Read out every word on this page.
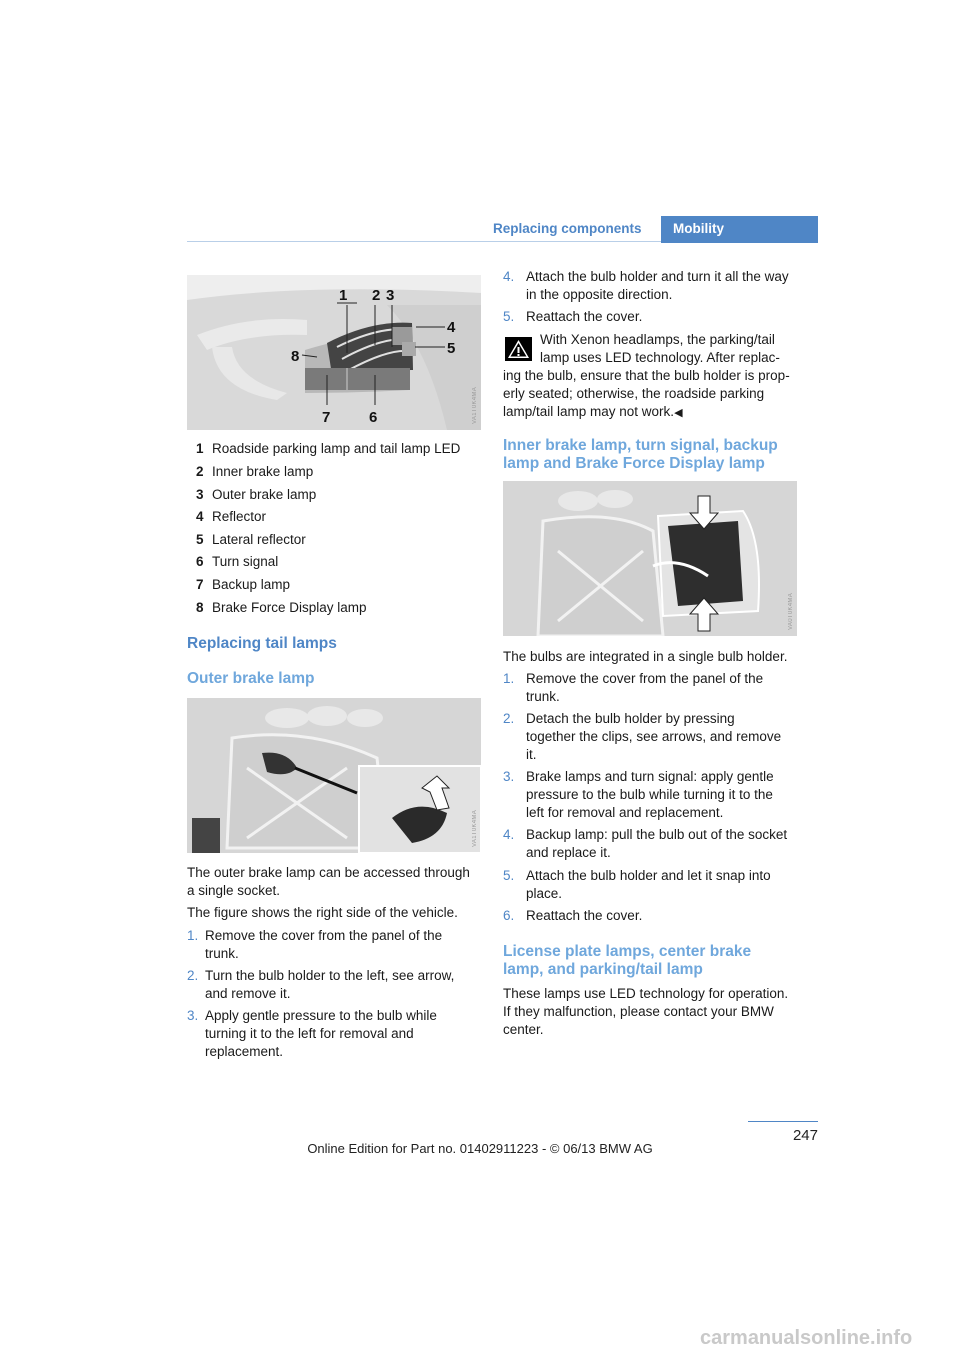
Replacing components Mobility
1 2 3
4
5
6
7
8
VA1T0K4MA
1 Roadside parking lamp and tail lamp LED
2 Inner brake lamp
3 Outer brake lamp
4 Reflector
5 Lateral reflector
6 Turn signal
7 Backup lamp
8 Brake Force Display lamp
Replacing tail lamps
Outer brake lamp
VA1T0K4MA
The outer brake lamp can be accessed through
a single socket.
The figure shows the right side of the vehicle.
1. Remove the cover from the panel of the
trunk.
2. Turn the bulb holder to the left, see arrow,
and remove it.
3. Apply gentle pressure to the bulb while
turning it to the left for removal and
replacement.
4. Attach the bulb holder and turn it all the way
in the opposite direction.
5. Reattach the cover.
With Xenon headlamps, the parking/tail
lamp uses LED technology. After replac-
ing the bulb, ensure that the bulb holder is prop-
erly seated; otherwise, the roadside parking
lamp/tail lamp may not work.◀
Inner brake lamp, turn signal, backup
lamp and Brake Force Display lamp
VA0T0K4MA
The bulbs are integrated in a single bulb holder.
1. Remove the cover from the panel of the
trunk.
2. Detach the bulb holder by pressing
together the clips, see arrows, and remove
it.
3. Brake lamps and turn signal: apply gentle
pressure to the bulb while turning it to the
left for removal and replacement.
4. Backup lamp: pull the bulb out of the socket
and replace it.
5. Attach the bulb holder and let it snap into
place.
6. Reattach the cover.
License plate lamps, center brake
lamp, and parking/tail lamp
These lamps use LED technology for operation.
If they malfunction, please contact your BMW
center.
247
Online Edition for Part no. 01402911223 - © 06/13 BMW AG
carmanualsonline.info
